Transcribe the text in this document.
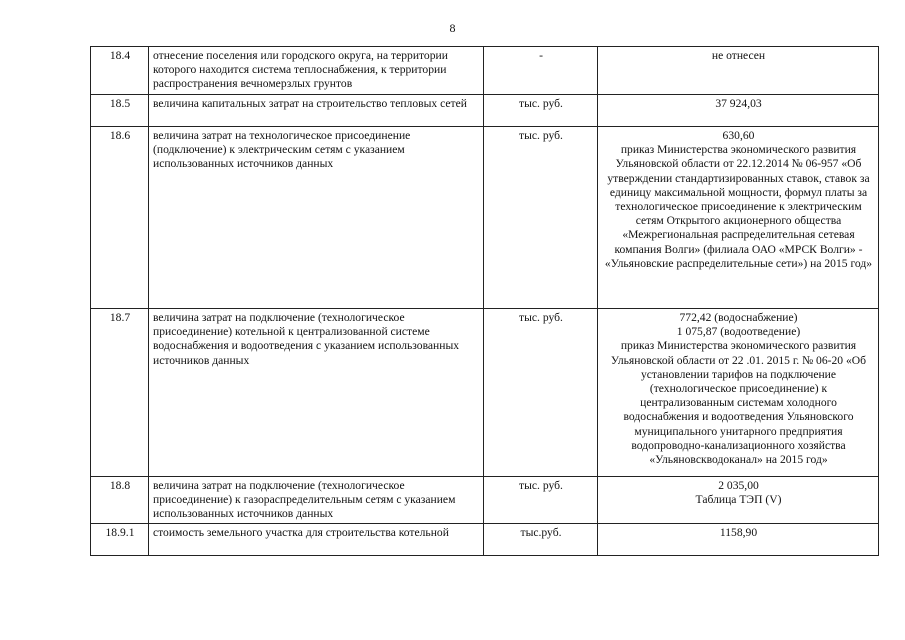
8
18.4	отнесение поселения или городского округа, на территории которого находится система теплоснабжения, к территории распространения вечномерзлых грунтов	-	не отнесен

18.5	величина капитальных затрат на строительство тепловых сетей	тыс. руб.	37 924,03

18.6	величина затрат на технологическое присоединение (подключение) к электрическим сетям с указанием использованных источников данных	тыс. руб.	630,60
приказ Министерства экономического развития Ульяновской области от 22.12.2014 № 06-957 «Об утверждении стандартизированных ставок, ставок за единицу максимальной мощности, формул платы за технологическое присоединение к электрическим сетям Открытого акционерного общества «Межрегиональная распределительная сетевая компания Волги» (филиала ОАО «МРСК Волги» - «Ульяновские распределительные сети») на 2015 год»

18.7	величина затрат на подключение (технологическое присоединение) котельной к централизованной системе водоснабжения и водоотведения с указанием использованных источников данных	тыс. руб.	772,42 (водоснабжение)
1 075,87 (водоотведение)
приказ Министерства экономического развития Ульяновской области от 22 .01. 2015 г. № 06-20 «Об установлении тарифов на подключение (технологическое присоединение) к централизованным системам холодного водоснабжения и водоотведения Ульяновского муниципального унитарного предприятия водопроводно-канализационного хозяйства «Ульяновскводоканал» на 2015 год»

18.8	величина затрат на подключение (технологическое присоединение) к газораспределительным сетям с указанием использованных источников данных	тыс. руб.	2 035,00
Таблица ТЭП (V)

18.9.1	стоимость земельного участка для строительства котельной	тыс.руб.	1158,90
